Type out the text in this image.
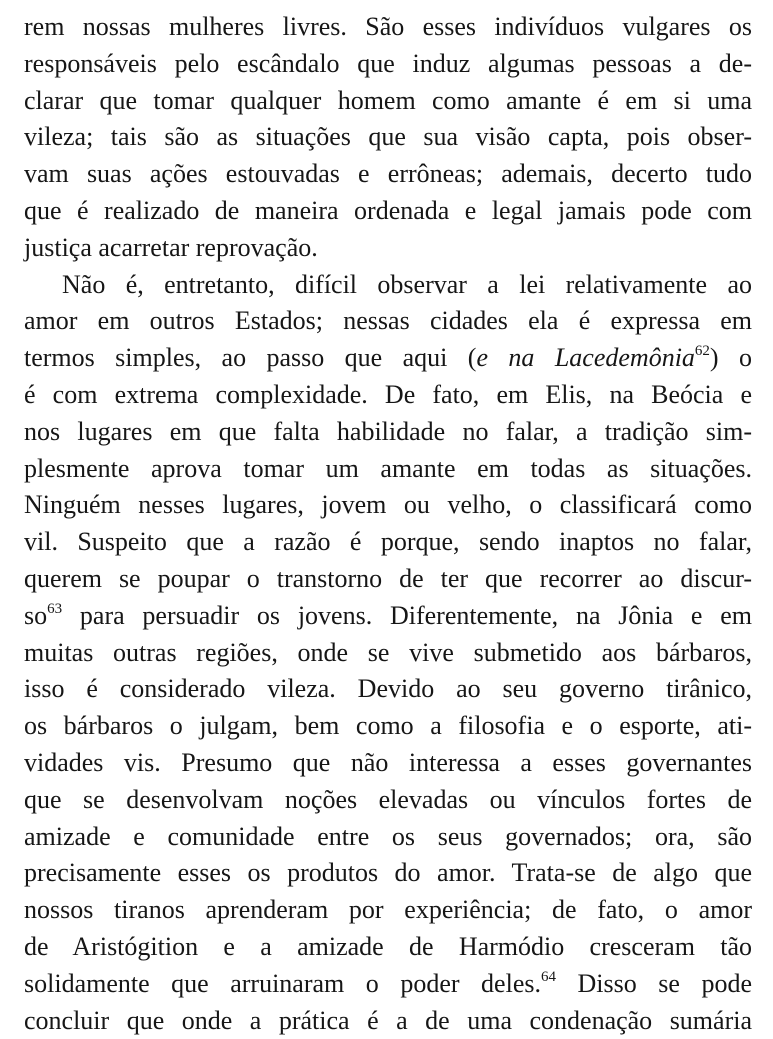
rem nossas mulheres livres. São esses indivíduos vulgares os
responsáveis pelo escândalo que induz algumas pessoas a de-
clarar que tomar qualquer homem como amante é em si uma
vileza; tais são as situações que sua visão capta, pois obser-
vam suas ações estouvadas e errôneas; ademais, decerto tudo
que é realizado de maneira ordenada e legal jamais pode com
justiça acarretar reprovação.
Não é, entretanto, difícil observar a lei relativamente ao
amor em outros Estados; nessas cidades ela é expressa em
termos simples, ao passo que aqui (e na Lacedemônia$^{62}$) o
é com extrema complexidade. De fato, em Elis, na Beócia e
nos lugares em que falta habilidade no falar, a tradição sim-
plesmente aprova tomar um amante em todas as situações.
Ninguém nesses lugares, jovem ou velho, o classificará como
vil. Suspeito que a razão é porque, sendo inaptos no falar,
querem se poupar o transtorno de ter que recorrer ao discur-
$so^{63}$ para persuadir os jovens. Diferentemente, na Jônia e em
muitas outras regiões, onde se vive submetido aos bárbaros,
isso é considerado vileza. Devido ao seu governo tirânico,
os bárbaros o julgam, bem como a filosofia e o esporte, ati-
vidades vis. Presumo que não interessa a esses governantes
que se desenvolvam noções elevadas ou vínculos fortes de
amizade e comunidade entre os seus governados; ora, são
precisamente esses os produtos do amor. Trata-se de algo que
nossos tiranos aprenderam por experiência; de fato, o amor
de Aristógition e a amizade de Harmódio cresceram tão
solidamente que arruinaram o poder deles.$^{64}$ Disso se pode
concluir que onde a prática é a de uma condenação sumária
